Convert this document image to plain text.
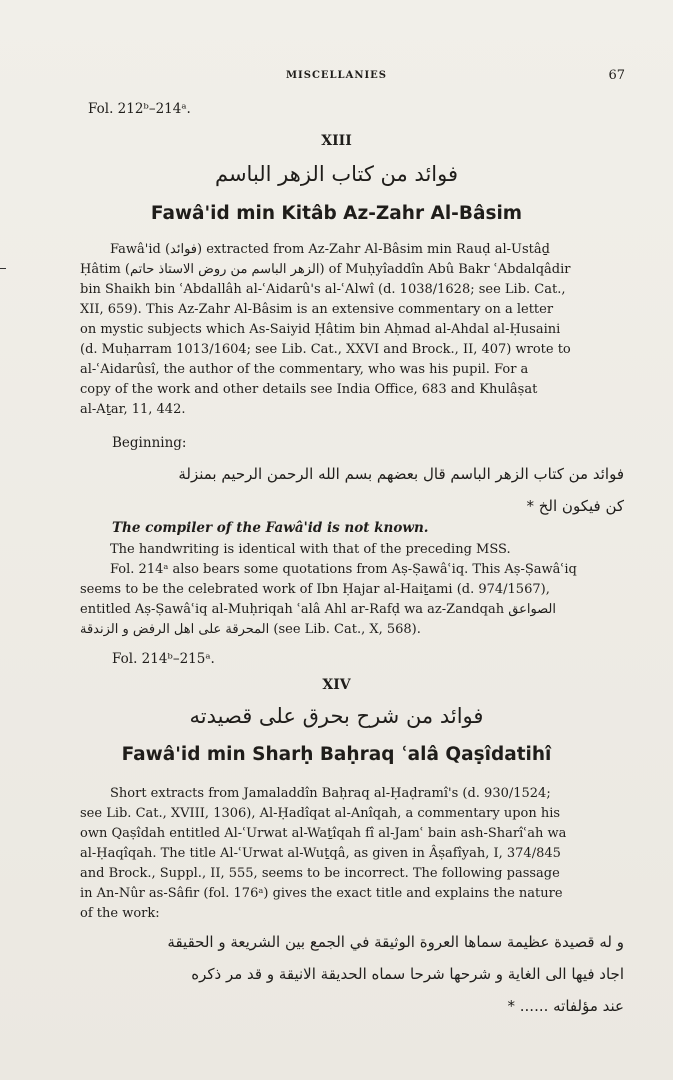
MISCELLANIES	67
Fol. 212ᵇ–214ᵃ.
XIII
فوائد من كتاب الزهر الباسم
Fawâ'id min Kitâb Az-Zahr Al-Bâsim

Fawâ'id (فوائد) extracted from Az-Zahr Al-Bâsim min Rauḍ al-Ustâḏ

Ḥâtim (الزهر الباسم من روض الاستاذ حاتم) of Muḥyîaddîn Abû Bakr ʿAbdalqâdir

bin Shaikh bin ʿAbdallâh al-ʿAidarû's al-ʿAlwî (d. 1038/1628; see Lib. Cat.,

XII, 659). This Az-Zahr Al-Bâsim is an extensive commentary on a letter

on mystic subjects which As-Saiyid Ḥâtim bin Aḥmad al-Ahdal al-Ḥusaini

(d. Muḥarram 1013/1604; see Lib. Cat., XXVI and Brock., II, 407) wrote to

al-ʿAidarûsî, the author of the commentary, who was his pupil. For a

copy of the work and other details see India Office, 683 and Khulâṣat

al-Aṯar, 11, 442.

Beginning:
فوائد من كتاب الزهر الباسم قال بعضهم بسم الله الرحمن الرحيم بمنزلة
كن فيكون الخ *
The compiler of the Fawâ'id is not known.

The handwriting is identical with that of the preceding MSS.

Fol. 214ᵃ also bears some quotations from Aṣ-Ṣawâʿiq. This Aṣ-Ṣawâʿiq

seems to be the celebrated work of Ibn Ḥajar al-Haiṯami (d. 974/1567),

entitled Aṣ-Ṣawâʿiq al-Muḥriqah ʿalâ Ahl ar-Rafḍ wa az-Zandqah الصواعق

المحرقة على اهل الرفض و الزندقة (see Lib. Cat., X, 568).

Fol. 214ᵇ–215ᵃ.
XIV
فوائد من شرح بحرق على قصيدته
Fawâ'id min Sharḥ Baḥraq ʿalâ Qaṣîdatihî

Short extracts from Jamaladdîn Baḥraq al-Ḥaḍramî's (d. 930/1524;

see Lib. Cat., XVIII, 1306), Al-Ḥadîqat al-Anîqah, a commentary upon his

own Qaṣîdah entitled Al-ʿUrwat al-Waṯîqah fî al-Jamʿ bain ash-Sharîʿah wa

al-Ḥaqîqah. The title Al-ʿUrwat al-Wuṯqâ, as given in Âṣafîyah, I, 374/845

and Brock., Suppl., II, 555, seems to be incorrect. The following passage

in An-Nûr as-Sâfir (fol. 176ᵃ) gives the exact title and explains the nature

of the work:

و له قصيدة عظيمة سماها العروة الوثيقة في الجمع بين الشريعة و الحقيقة
اجاد فيها الى الغاية و شرحها شرحا سماه الحديقة الانيقة و قد مر ذكره
عند مؤلفاته ...... *
